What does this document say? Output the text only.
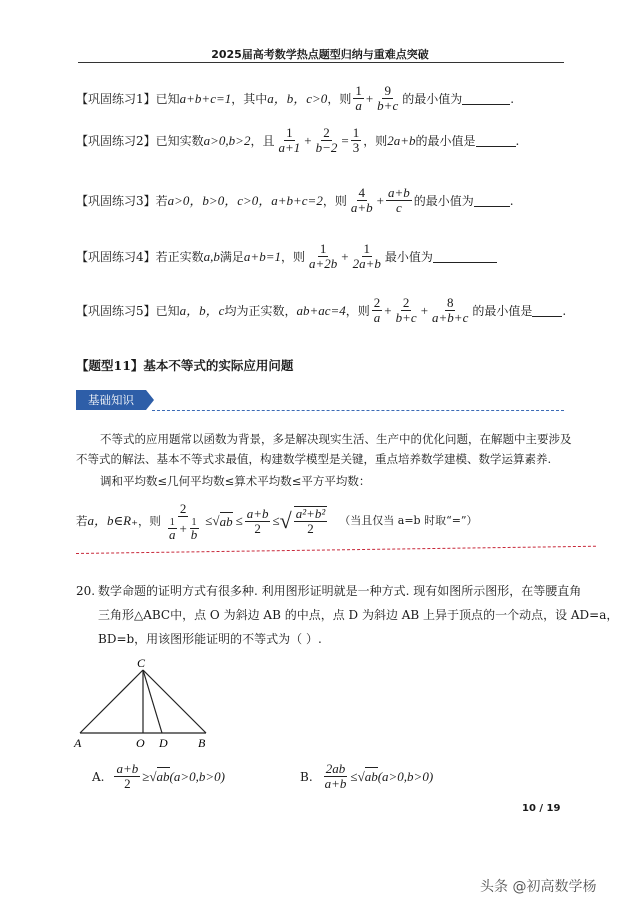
2025届高考数学热点题型归纳与重难点突破
【巩固练习1】 已知 a+b+c=1 ，其中 a，b，c>0 ，则 $\frac{1}{a} + \frac{9}{b+c}$ 的最小值为	.
【巩固练习2】 已知实数 a>0,b>2 ，且 $\frac{1}{a+1} + \frac{2}{b-2} = \frac{1}{3}$ ，则 2a+b 的最小值是	.
【巩固练习3】 若 a>0，b>0，c>0，a+b+c=2 ，则 $\frac{4}{a+b} + \frac{a+b}{c}$ 的最小值为	.
【巩固练习4】 若正实数 a,b 满足 a+b=1 ，则 $\frac{1}{a+2b} + \frac{1}{2a+b}$ 最小值为
【巩固练习5】 已知 a，b，c 均为正实数， ab+ac=4 ，则 $\frac{2}{a} + \frac{2}{b+c} + \frac{8}{a+b+c}$ 的最小值是	.
【题型11】基本不等式的实际应用问题
基础知识
不等式的应用题常以函数为背景，多是解决现实生活、生产中的优化问题，在解题中主要涉及
不等式的解法、基本不等式求最值，构建数学模型是关键，重点培养数学建模、数学运算素养.
调和平均数≤几何平均数≤算术平均数≤平方平均数：
若 a，b∈R₊ ，则 $\frac{2}{\frac{1}{a} + \frac{1}{b}}$ ≤ √ ab ≤ $\frac{a+b}{2}$ ≤ √ $\frac{\text{a²+b²}}{2}$ （当且仅当 a=b 时取“=”）
20. 数学命题的证明方式有很多种. 利用图形证明就是一种方式. 现有如图所示图形，在等腰直角
三角形△ABC中，点 O 为斜边 AB 的中点，点 D 为斜边 AB 上异于顶点的一个动点，设 AD=a，
BD=b，用该图形能证明的不等式为（ ）.
C
A	O D	B
A. $\frac{a+b}{2}$ ≥ √ ab (a>0,b>0)	B. $\frac{2ab}{a+b}$ ≤ √ ab (a>0,b>0)
10 / 19
头条 @初高数学杨
